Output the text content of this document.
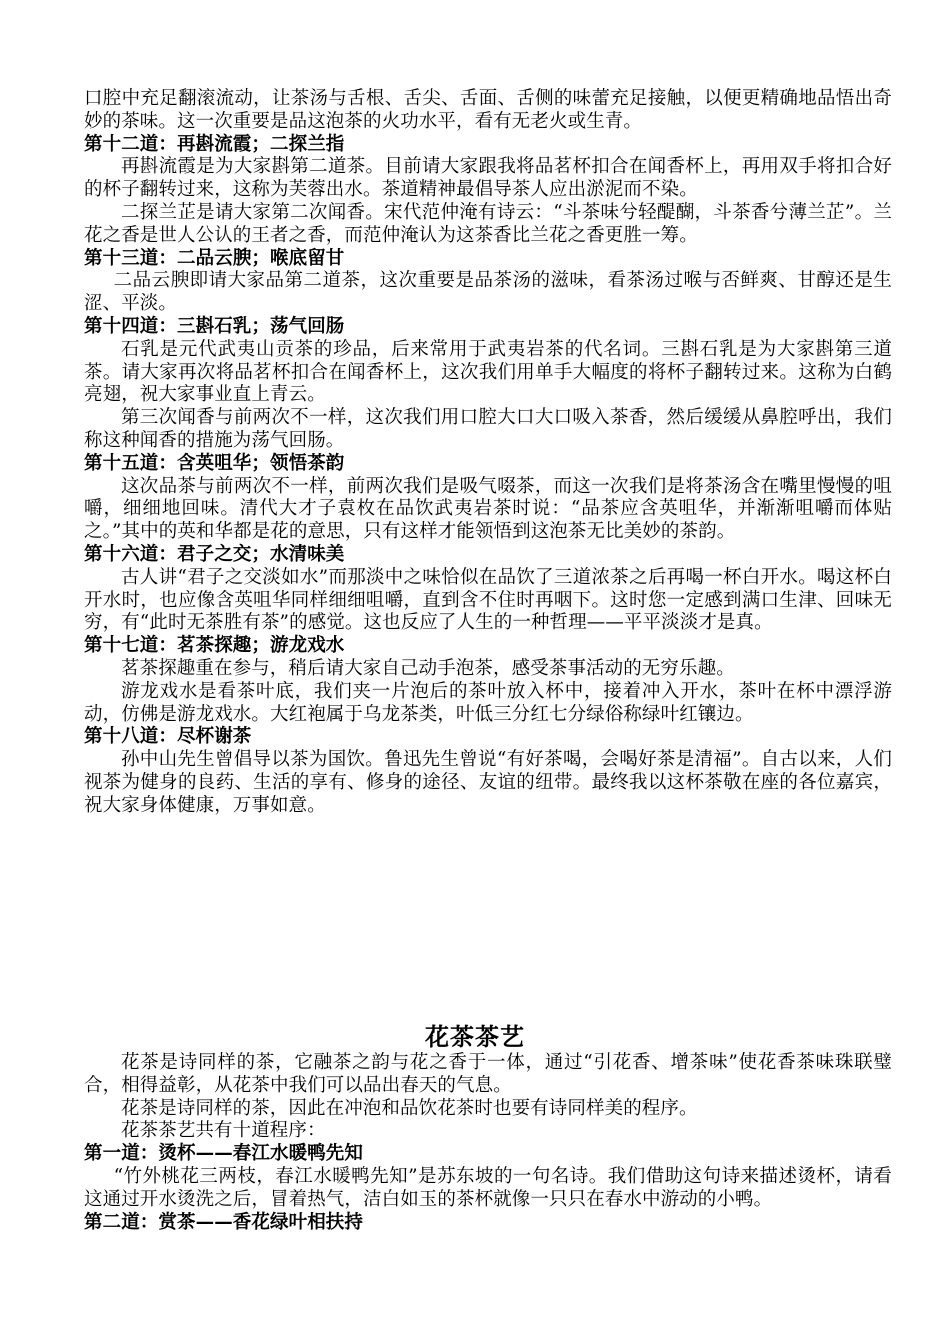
口腔中充足翻滚流动，让茶汤与舌根、舌尖、舌面、舌侧的味蕾充足接触，以便更精确地品悟出奇妙的茶味。这一次重要是品这泡茶的火功水平，看有无老火或生青。

第十二道：再斟流霞；二探兰指

再斟流霞是为大家斟第二道茶。目前请大家跟我将品茗杯扣合在闻香杯上，再用双手将扣合好的杯子翻转过来，这称为芙蓉出水。茶道精神最倡导茶人应出淤泥而不染。

二探兰芷是请大家第二次闻香。宋代范仲淹有诗云：“斗茶味兮轻醍醐，斗茶香兮薄兰芷”。兰花之香是世人公认的王者之香，而范仲淹认为这茶香比兰花之香更胜一筹。

第十三道：二品云腴；喉底留甘

二品云腴即请大家品第二道茶，这次重要是品茶汤的滋味，看茶汤过喉与否鲜爽、甘醇还是生涩、平淡。

第十四道：三斟石乳；荡气回肠

石乳是元代武夷山贡茶的珍品，后来常用于武夷岩茶的代名词。三斟石乳是为大家斟第三道茶。请大家再次将品茗杯扣合在闻香杯上，这次我们用单手大幅度的将杯子翻转过来。这称为白鹤亮翅，祝大家事业直上青云。

第三次闻香与前两次不一样，这次我们用口腔大口大口吸入茶香，然后缓缓从鼻腔呼出，我们称这种闻香的措施为荡气回肠。

第十五道：含英咀华；领悟茶韵

这次品茶与前两次不一样，前两次我们是吸气啜茶，而这一次我们是将茶汤含在嘴里慢慢的咀嚼，细细地回味。清代大才子袁枚在品饮武夷岩茶时说：“品茶应含英咀华，并渐渐咀嚼而体贴之。”其中的英和华都是花的意思，只有这样才能领悟到这泡茶无比美妙的茶韵。

第十六道：君子之交；水清味美

古人讲“君子之交淡如水”而那淡中之味恰似在品饮了三道浓茶之后再喝一杯白开水。喝这杯白开水时，也应像含英咀华同样细细咀嚼，直到含不住时再咽下。这时您一定感到满口生津、回味无穷，有“此时无茶胜有茶”的感觉。这也反应了人生的一种哲理——平平淡淡才是真。

第十七道：茗茶探趣；游龙戏水

茗茶探趣重在参与，稍后请大家自己动手泡茶，感受茶事活动的无穷乐趣。

游龙戏水是看茶叶底，我们夹一片泡后的茶叶放入杯中，接着冲入开水，茶叶在杯中漂浮游动，仿佛是游龙戏水。大红袍属于乌龙茶类，叶低三分红七分绿俗称绿叶红镶边。

第十八道：尽杯谢茶

孙中山先生曾倡导以茶为国饮。鲁迅先生曾说“有好茶喝，会喝好茶是清福”。自古以来，人们视茶为健身的良药、生活的享有、修身的途径、友谊的纽带。最终我以这杯茶敬在座的各位嘉宾，祝大家身体健康，万事如意。

花茶茶艺

花茶是诗同样的茶，它融茶之韵与花之香于一体，通过“引花香、增茶味”使花香茶味珠联璧合，相得益彰，从花茶中我们可以品出春天的气息。

花茶是诗同样的茶，因此在冲泡和品饮花茶时也要有诗同样美的程序。

花茶茶艺共有十道程序：

第一道：烫杯——春江水暖鸭先知

“竹外桃花三两枝，春江水暖鸭先知”是苏东坡的一句名诗。我们借助这句诗来描述烫杯，请看这通过开水烫洗之后，冒着热气，洁白如玉的茶杯就像一只只在春水中游动的小鸭。

第二道：赏茶——香花绿叶相扶持
